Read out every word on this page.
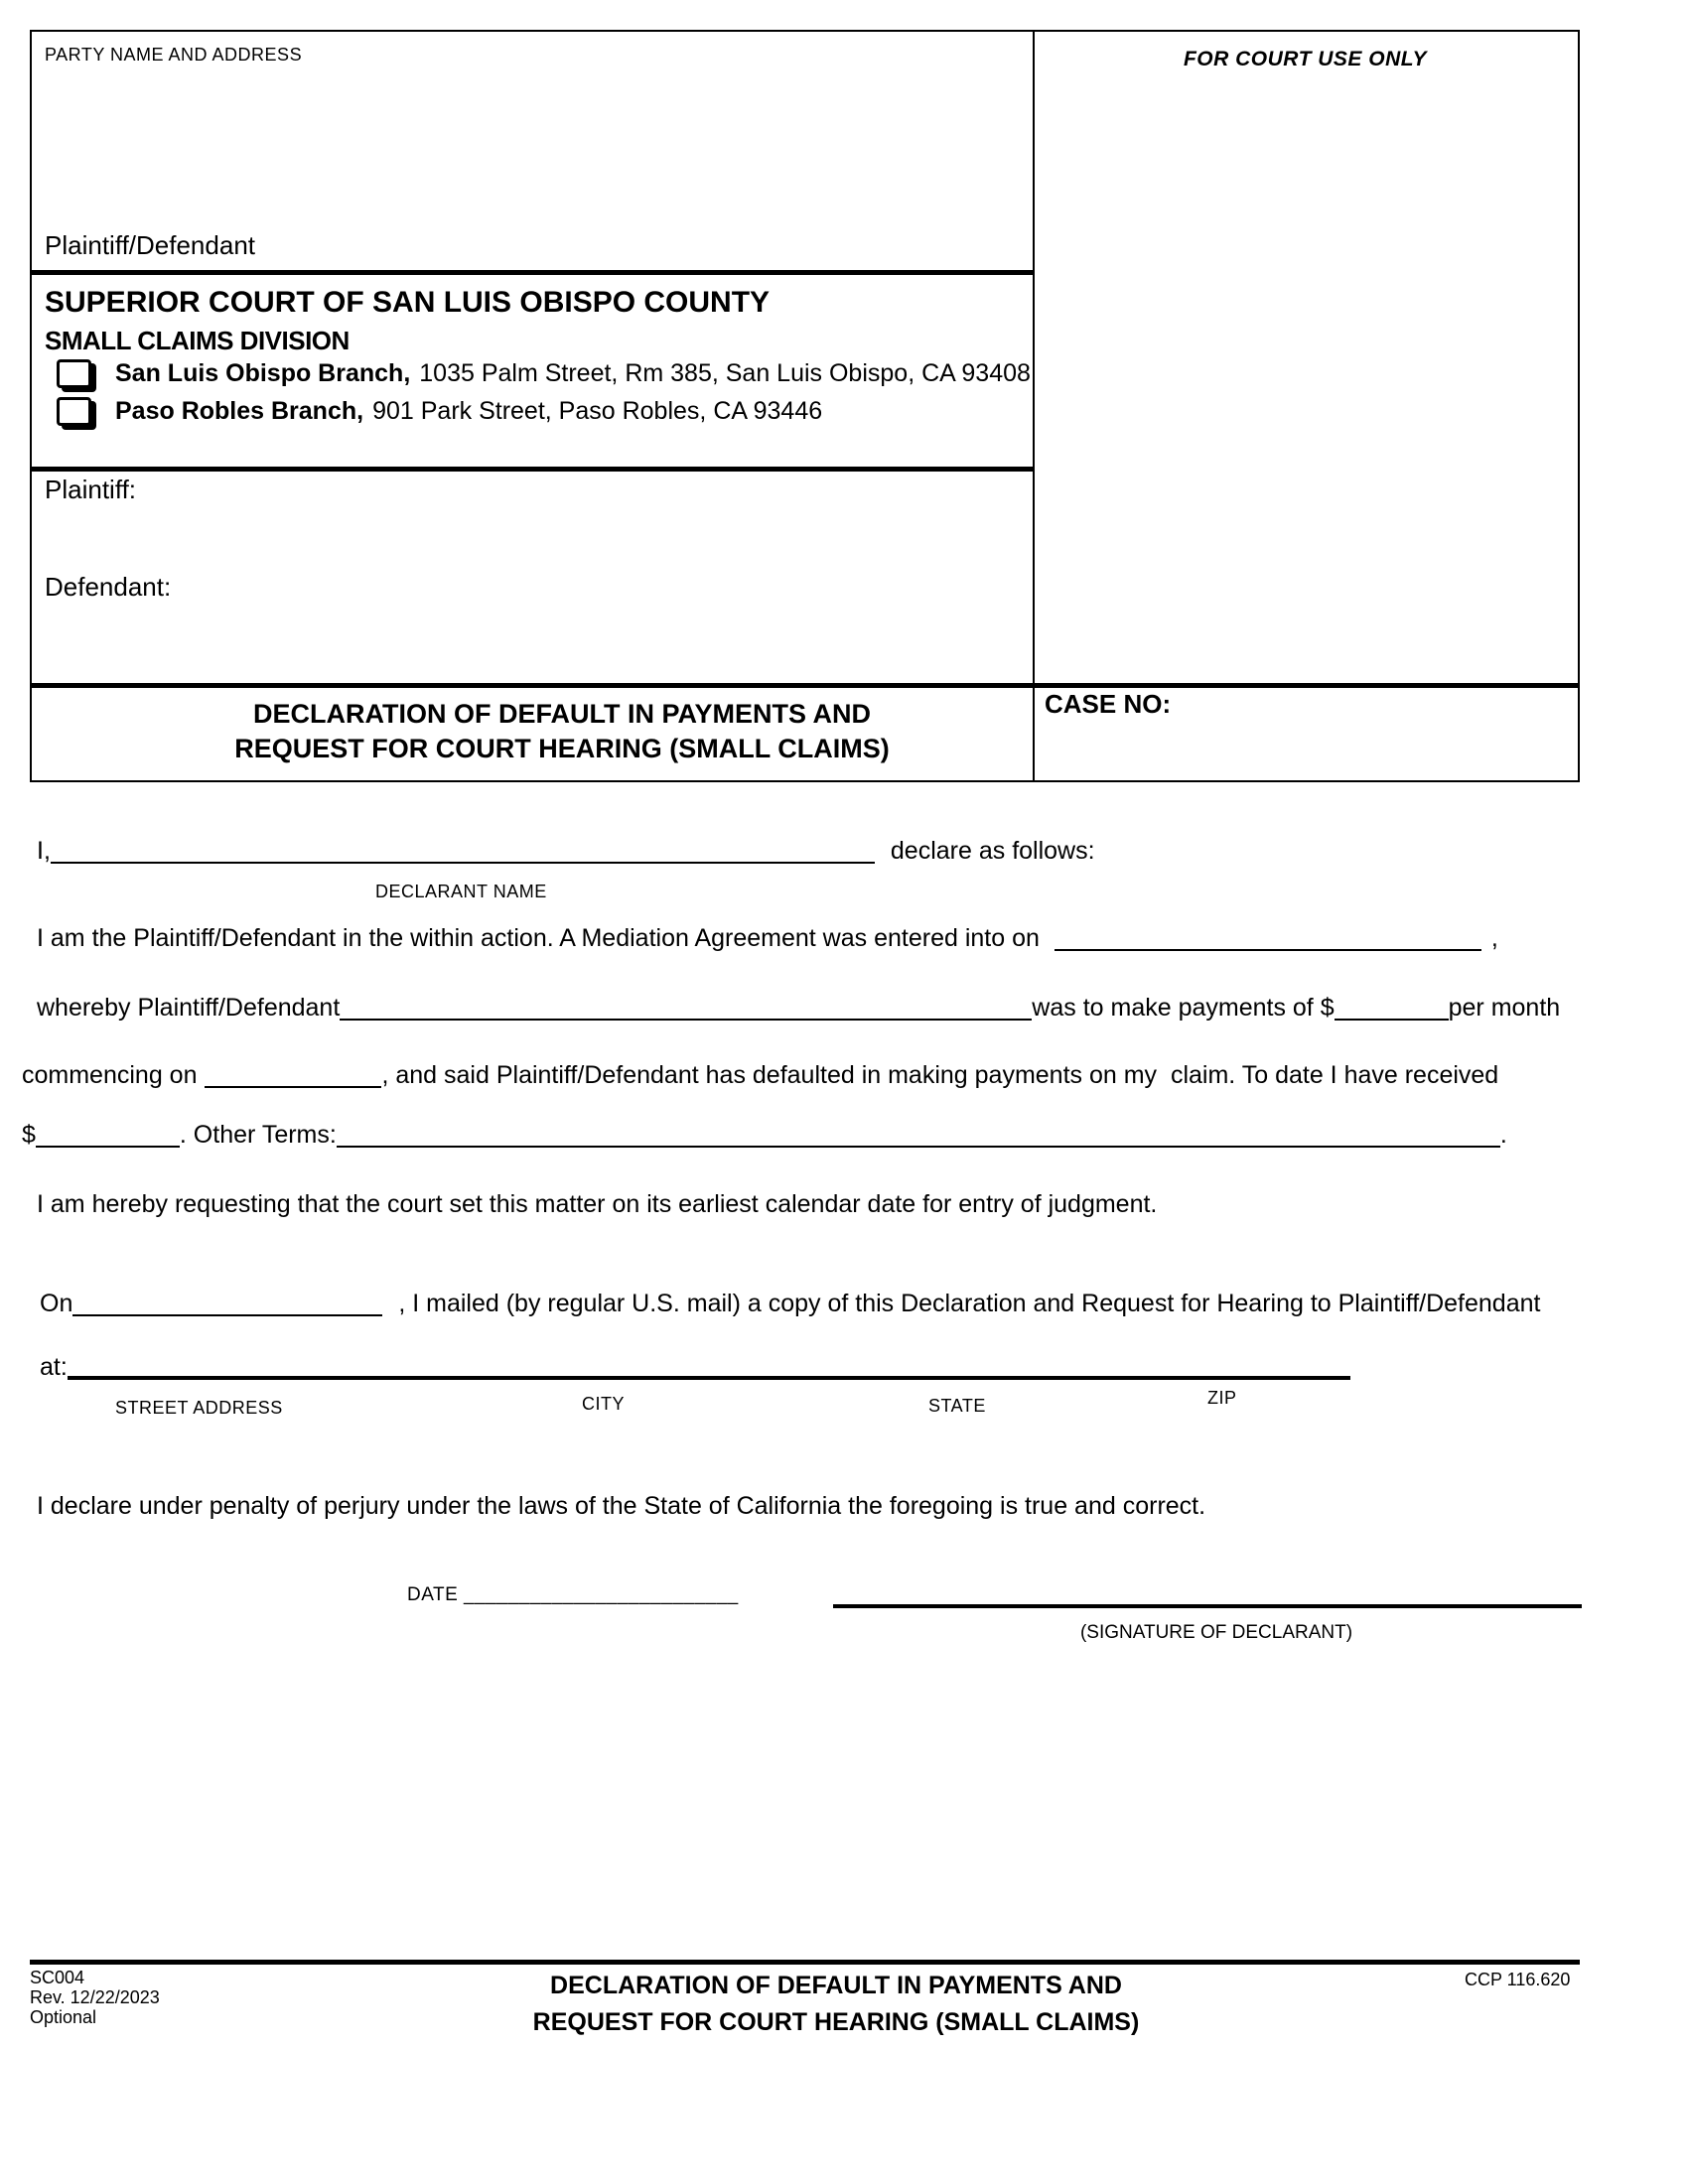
PARTY NAME AND ADDRESS
Plaintiff/Defendant
FOR COURT USE ONLY
SUPERIOR COURT OF SAN LUIS OBISPO COUNTY
SMALL CLAIMS DIVISION
San Luis Obispo Branch, 1035 Palm Street, Rm 385, San Luis Obispo, CA 93408
Paso Robles Branch, 901 Park Street, Paso Robles, CA 93446
Plaintiff:
Defendant:
DECLARATION OF DEFAULT IN PAYMENTS AND
REQUEST FOR COURT HEARING (SMALL CLAIMS)
CASE NO:
I,	declare as follows:
DECLARANT NAME
I am the Plaintiff/Defendant in the within action. A Mediation Agreement was entered into on	,
whereby Plaintiff/Defendant	was to make payments of $	per month
commencing on	, and said Plaintiff/Defendant has defaulted in making payments on my  claim. To date I have received
$	. Other Terms:	.
I am hereby requesting that the court set this matter on its earliest calendar date for entry of judgment.
On	, I mailed (by regular U.S. mail) a copy of this Declaration and Request for Hearing to Plaintiff/Defendant
at:
STREET ADDRESS	CITY	STATE	ZIP
I declare under penalty of perjury under the laws of the State of California the foregoing is true and correct.
DATE _________________________
(SIGNATURE OF DECLARANT)
SC004
Rev. 12/22/2023
Optional
DECLARATION OF DEFAULT IN PAYMENTS AND
REQUEST FOR COURT HEARING (SMALL CLAIMS)
CCP 116.620
